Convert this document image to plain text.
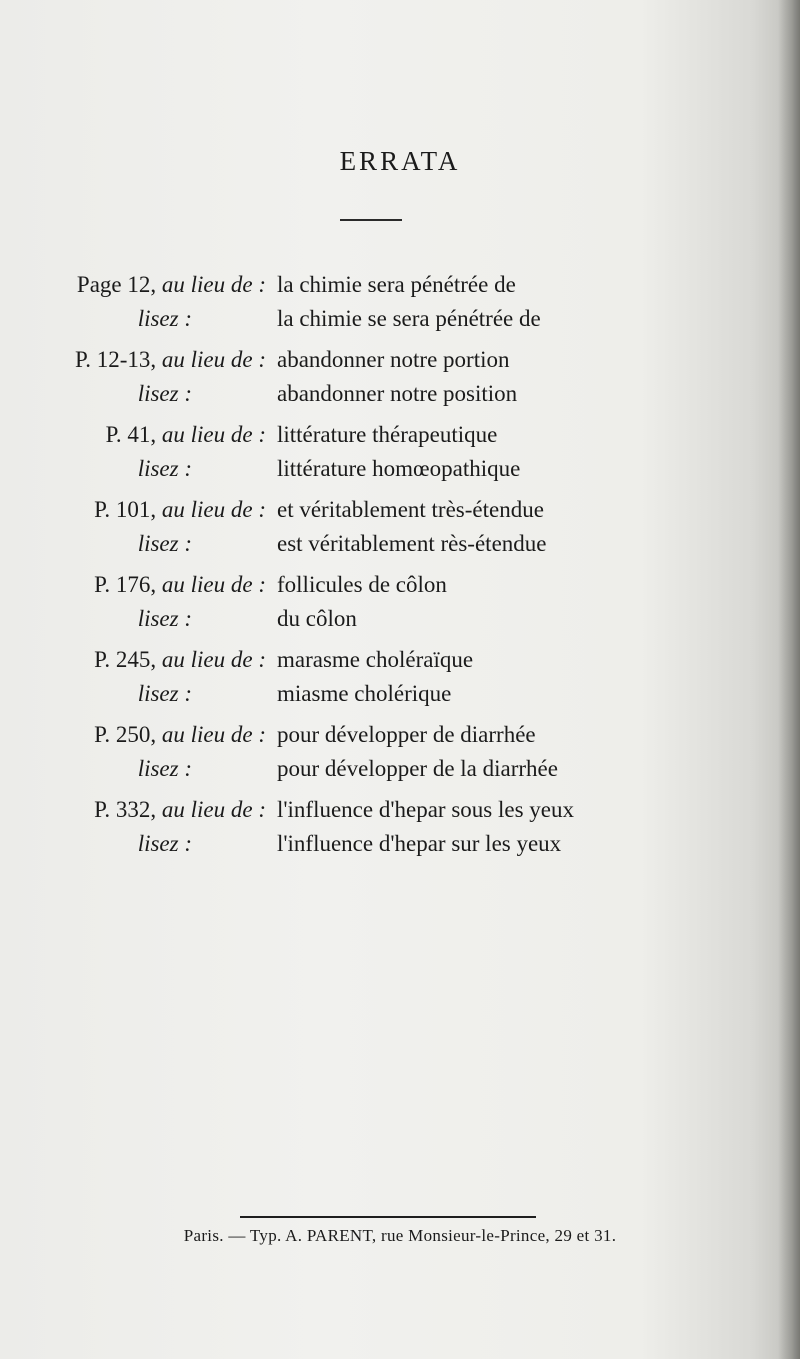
ERRATA
Page 12, au lieu de : la chimie sera pénétrée de
lisez :	la chimie se sera pénétrée de
P. 12-13, au lieu de : abandonner notre portion
lisez :	abandonner notre position
P. 41, au lieu de : littérature thérapeutique
lisez :	littérature homœopathique
P. 101, au lieu de : et véritablement très-étendue
lisez :	est véritablement rès-étendue
P. 176, au lieu de : follicules de côlon
lisez :	du côlon
P. 245, au lieu de : marasme choléraïque
lisez :	miasme cholérique
P. 250, au lieu de : pour développer de diarrhée
lisez :	pour développer de la diarrhée
P. 332, au lieu de : l'influence d'hepar sous les yeux
lisez :	l'influence d'hepar sur les yeux
Paris. — Typ. A. PARENT, rue Monsieur-le-Prince, 29 et 31.
